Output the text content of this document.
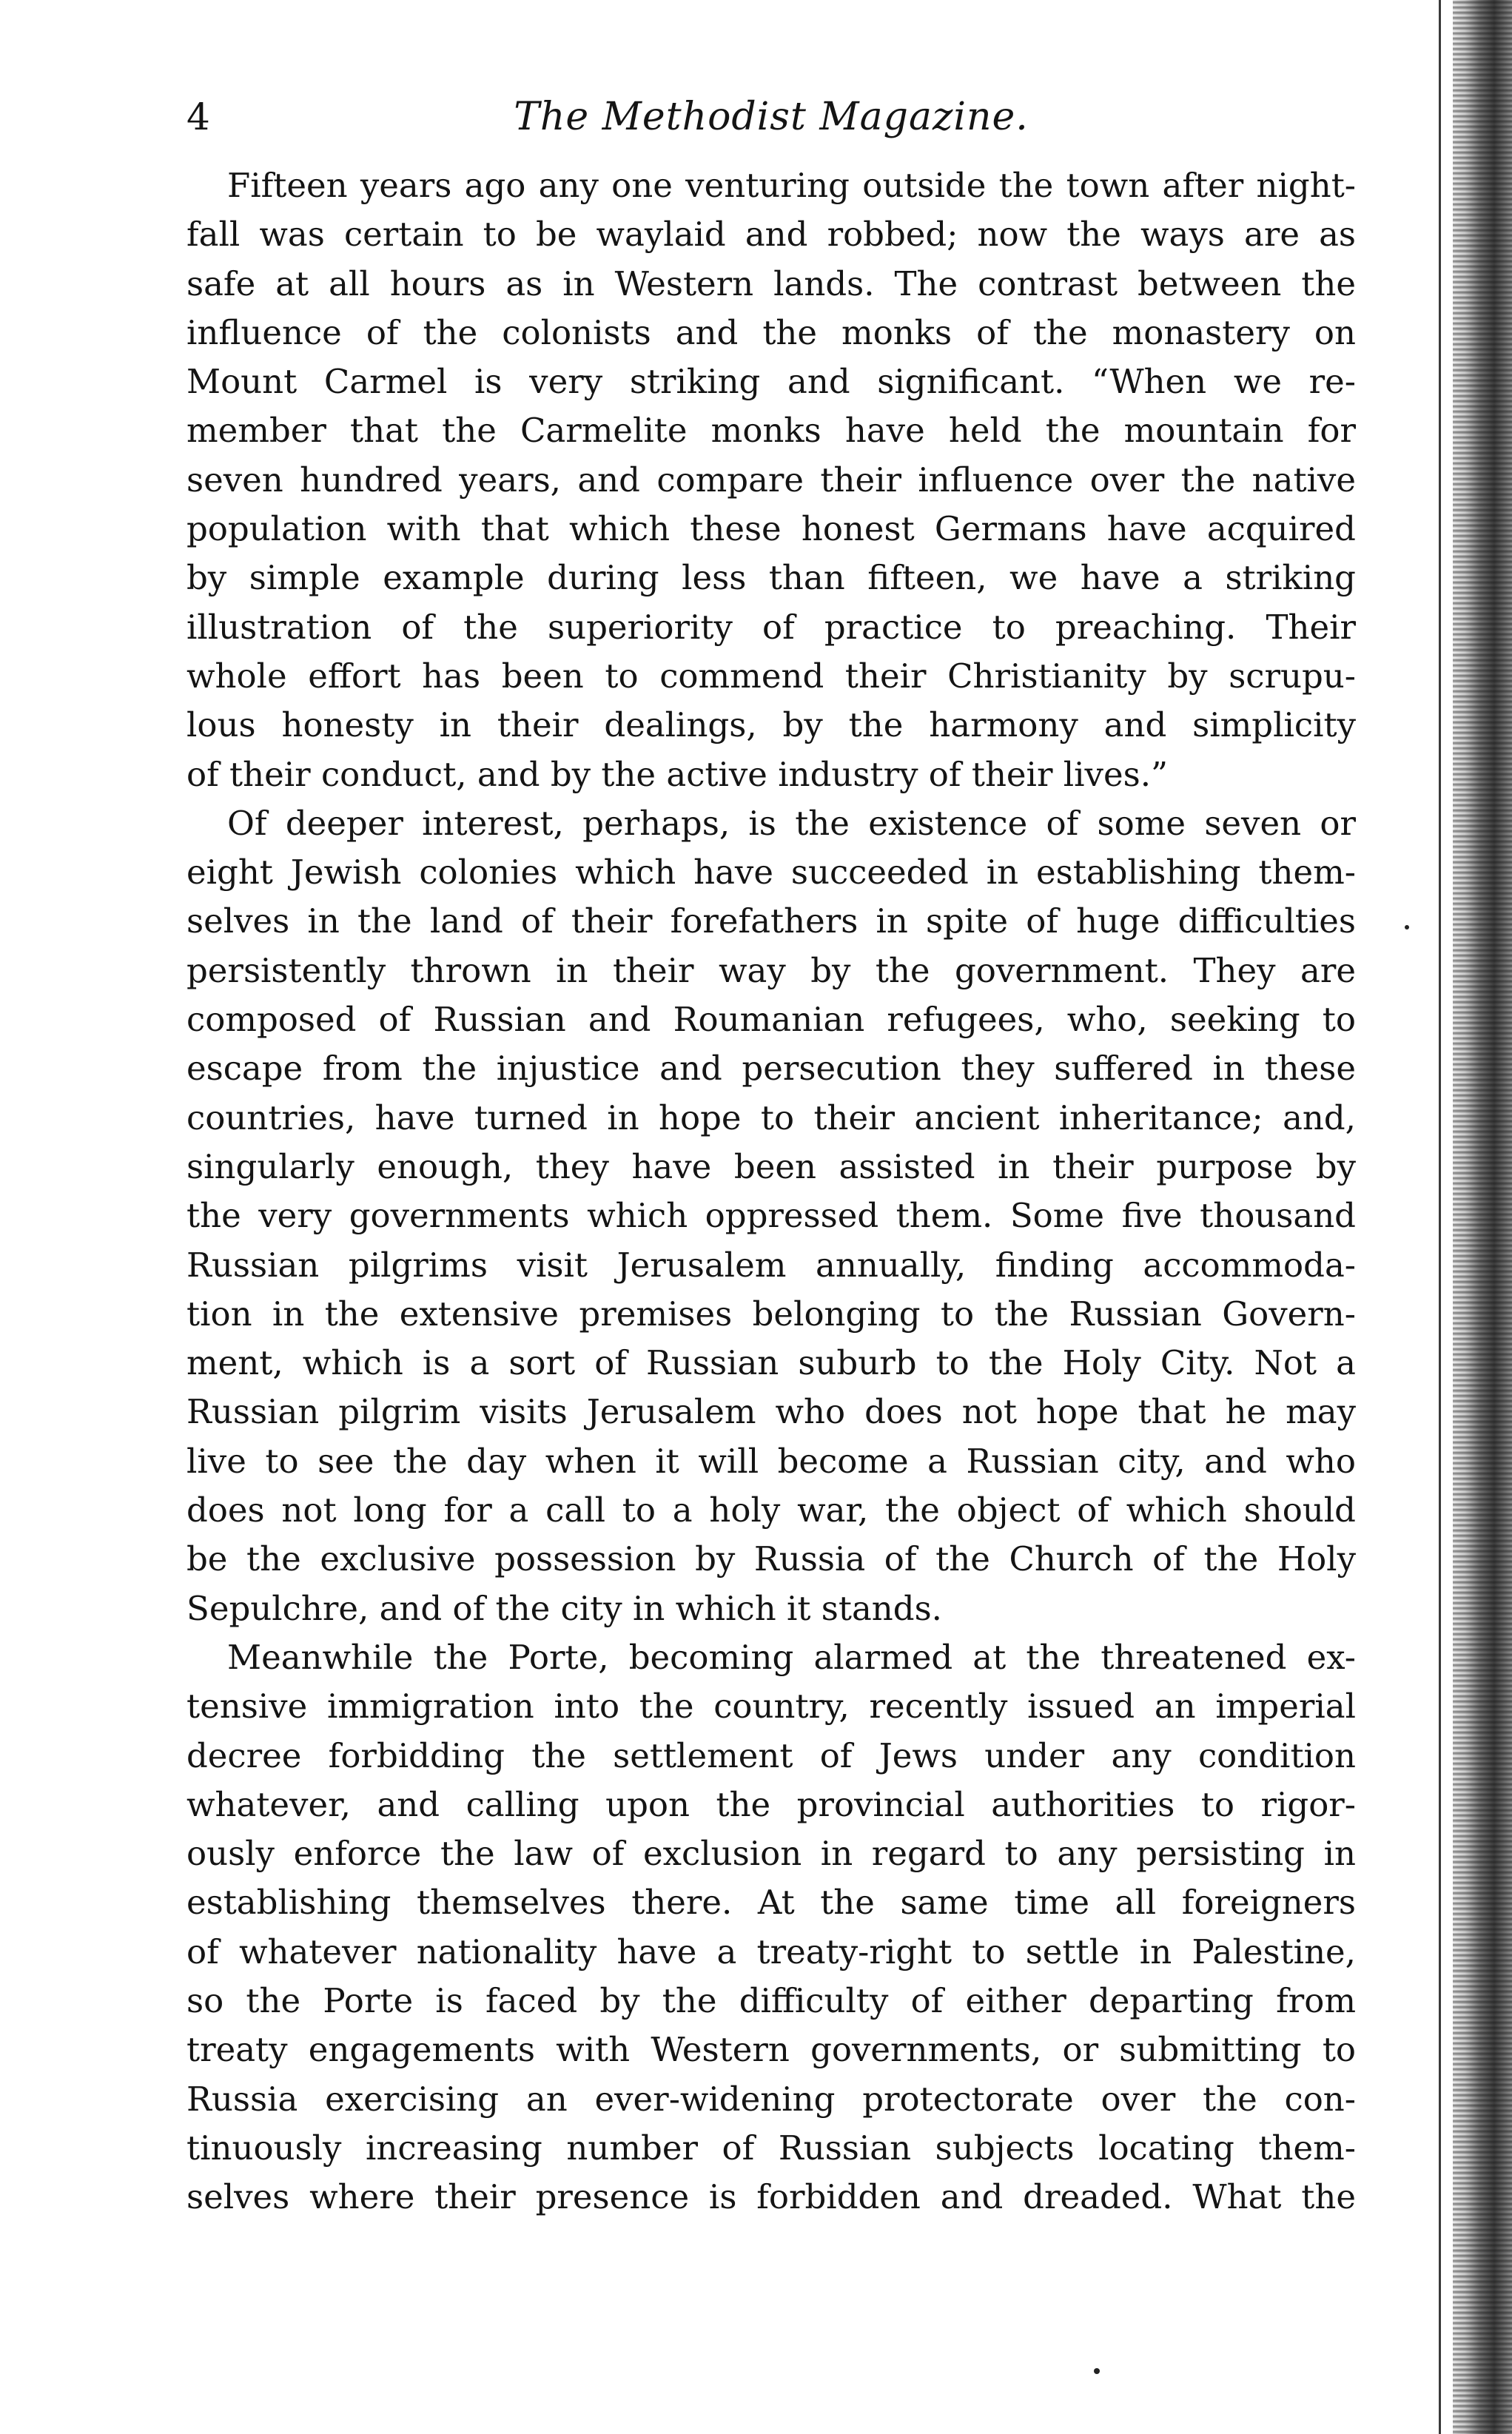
4	The Methodist Magazine.
Fifteen years ago any one venturing outside the town after night-
fall was certain to be waylaid and robbed; now the ways are as
safe at all hours as in Western lands. The contrast between the
influence of the colonists and the monks of the monastery on
Mount Carmel is very striking and significant. “When we re-
member that the Carmelite monks have held the mountain for
seven hundred years, and compare their influence over the native
population with that which these honest Germans have acquired
by simple example during less than fifteen, we have a striking
illustration of the superiority of practice to preaching. Their
whole effort has been to commend their Christianity by scrupu-
lous honesty in their dealings, by the harmony and simplicity
of their conduct, and by the active industry of their lives.”
Of deeper interest, perhaps, is the existence of some seven or
eight Jewish colonies which have succeeded in establishing them-
selves in the land of their forefathers in spite of huge difficulties
persistently thrown in their way by the government. They are
composed of Russian and Roumanian refugees, who, seeking to
escape from the injustice and persecution they suffered in these
countries, have turned in hope to their ancient inheritance; and,
singularly enough, they have been assisted in their purpose by
the very governments which oppressed them. Some five thousand
Russian pilgrims visit Jerusalem annually, finding accommoda-
tion in the extensive premises belonging to the Russian Govern-
ment, which is a sort of Russian suburb to the Holy City. Not a
Russian pilgrim visits Jerusalem who does not hope that he may
live to see the day when it will become a Russian city, and who
does not long for a call to a holy war, the object of which should
be the exclusive possession by Russia of the Church of the Holy
Sepulchre, and of the city in which it stands.
Meanwhile the Porte, becoming alarmed at the threatened ex-
tensive immigration into the country, recently issued an imperial
decree forbidding the settlement of Jews under any condition
whatever, and calling upon the provincial authorities to rigor-
ously enforce the law of exclusion in regard to any persisting in
establishing themselves there. At the same time all foreigners
of whatever nationality have a treaty-right to settle in Palestine,
so the Porte is faced by the difficulty of either departing from
treaty engagements with Western governments, or submitting to
Russia exercising an ever-widening protectorate over the con-
tinuously increasing number of Russian subjects locating them-
selves where their presence is forbidden and dreaded. What the
